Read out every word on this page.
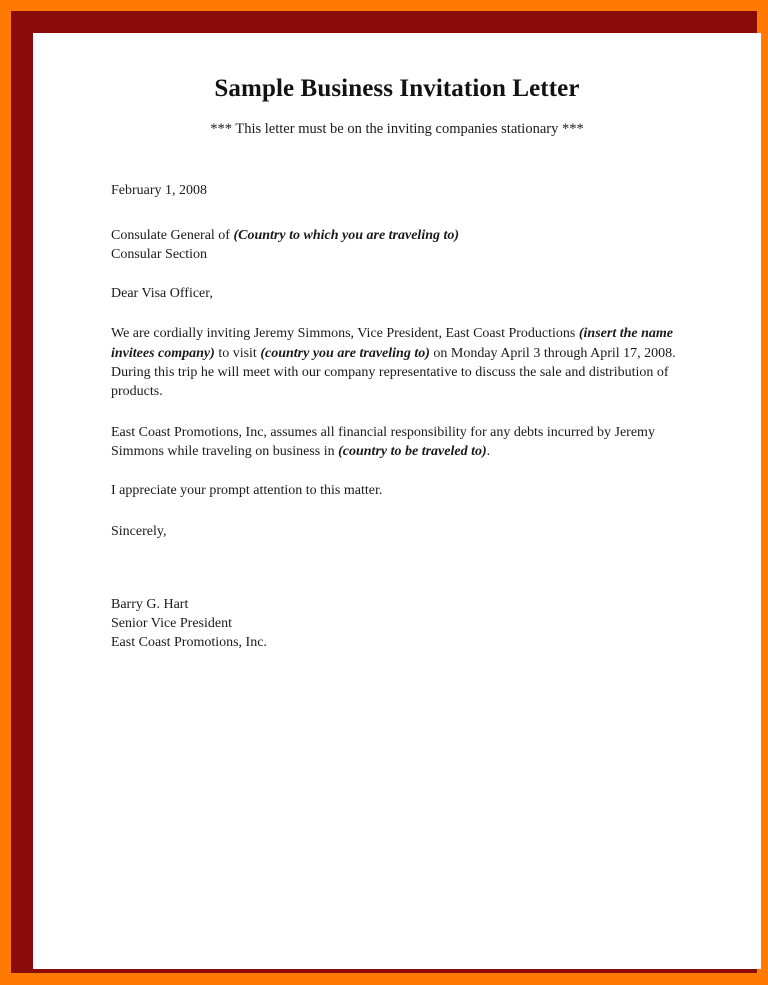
Sample Business Invitation Letter

*** This letter must be on the inviting companies stationary ***

February 1, 2008

Consulate General of (Country to which you are traveling to)
Consular Section

Dear Visa Officer,

We are cordially inviting Jeremy Simmons, Vice President, East Coast Productions (insert the name invitees company) to visit (country you are traveling to) on Monday April 3 through April 17, 2008. During this trip he will meet with our company representative to discuss the sale and distribution of products.

East Coast Promotions, Inc, assumes all financial responsibility for any debts incurred by Jeremy Simmons while traveling on business in (country to be traveled to).

I appreciate your prompt attention to this matter.

Sincerely,

Barry G. Hart
Senior Vice President
East Coast Promotions, Inc.
